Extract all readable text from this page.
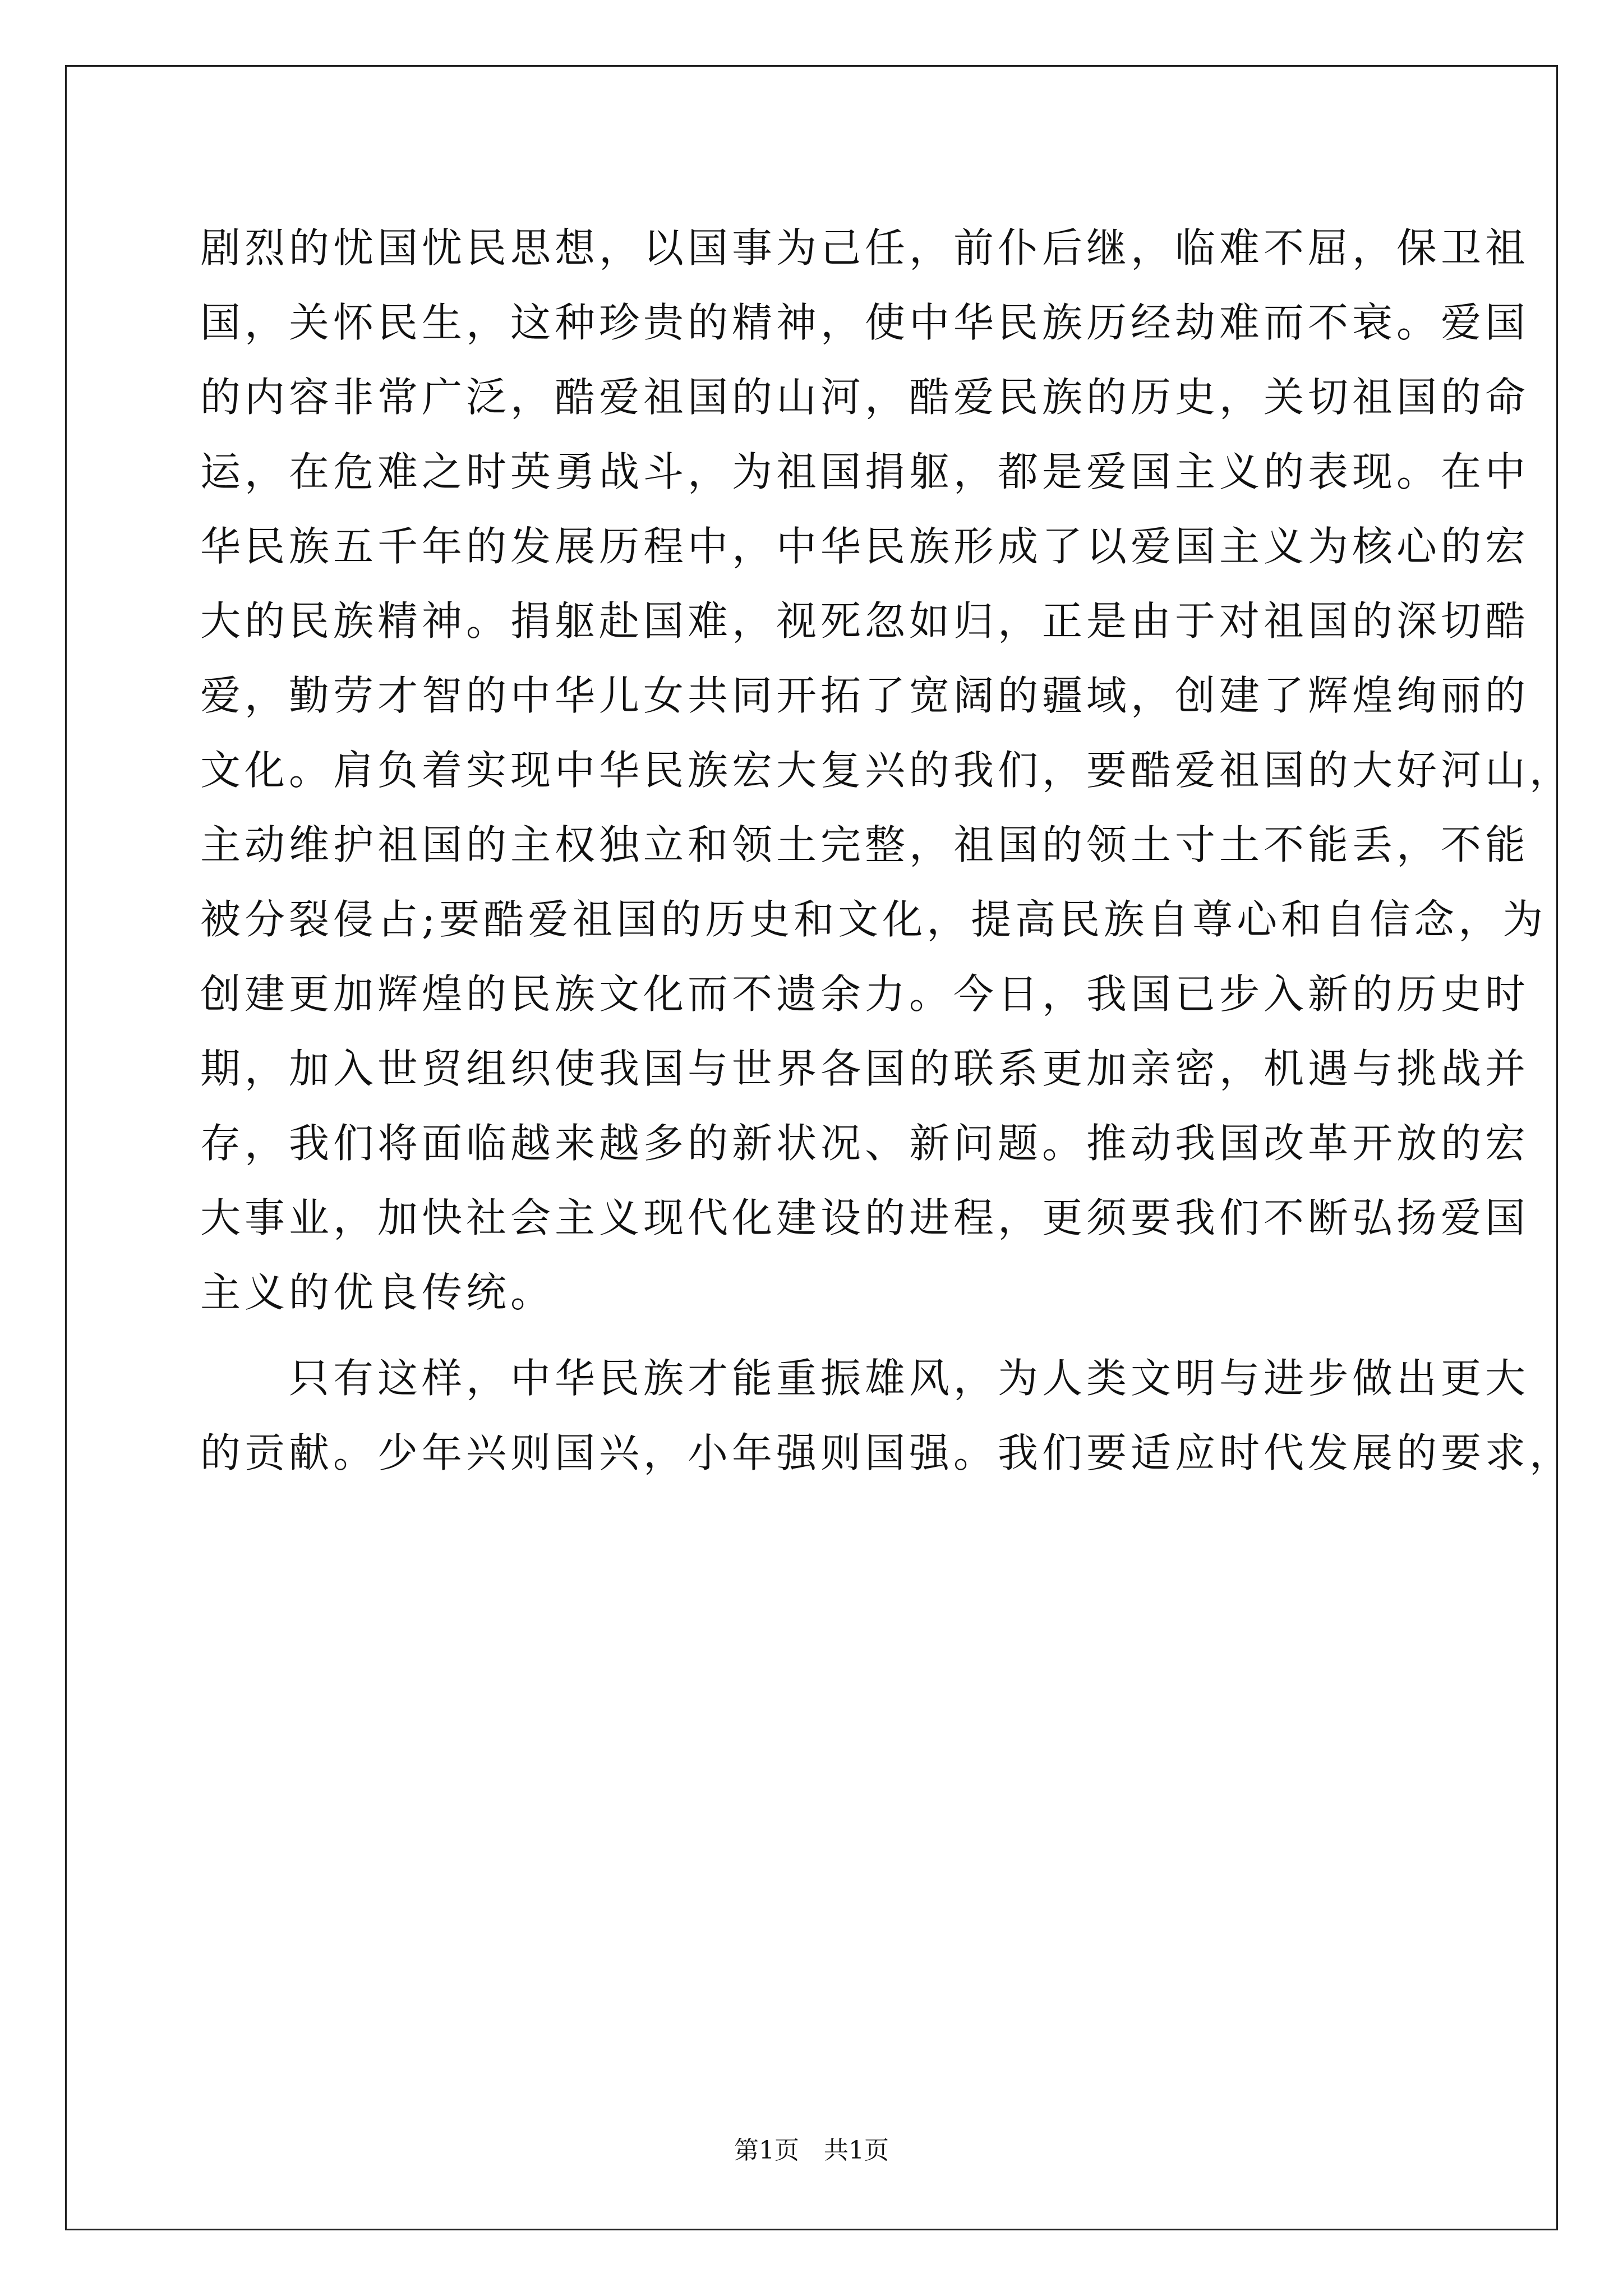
剧烈的忧国忧民思想，以国事为己任，前仆后继，临难不屈，保卫祖
国，关怀民生，这种珍贵的精神，使中华民族历经劫难而不衰。爱国
的内容非常广泛，酷爱祖国的山河，酷爱民族的历史，关切祖国的命
运，在危难之时英勇战斗，为祖国捐躯，都是爱国主义的表现。在中
华民族五千年的发展历程中，中华民族形成了以爱国主义为核心的宏
大的民族精神。捐躯赴国难，视死忽如归，正是由于对祖国的深切酷
爱，勤劳才智的中华儿女共同开拓了宽阔的疆域，创建了辉煌绚丽的
文化。肩负着实现中华民族宏大复兴的我们，要酷爱祖国的大好河山，
主动维护祖国的主权独立和领土完整，祖国的领土寸土不能丢，不能
被分裂侵占;要酷爱祖国的历史和文化，提高民族自尊心和自信念，为
创建更加辉煌的民族文化而不遗余力。今日，我国已步入新的历史时
期，加入世贸组织使我国与世界各国的联系更加亲密，机遇与挑战并
存，我们将面临越来越多的新状况、新问题。推动我国改革开放的宏
大事业，加快社会主义现代化建设的进程，更须要我们不断弘扬爱国
主义的优良传统。
　　只有这样，中华民族才能重振雄风，为人类文明与进步做出更大
的贡献。少年兴则国兴，小年强则国强。我们要适应时代发展的要求，
第1页　共1页
